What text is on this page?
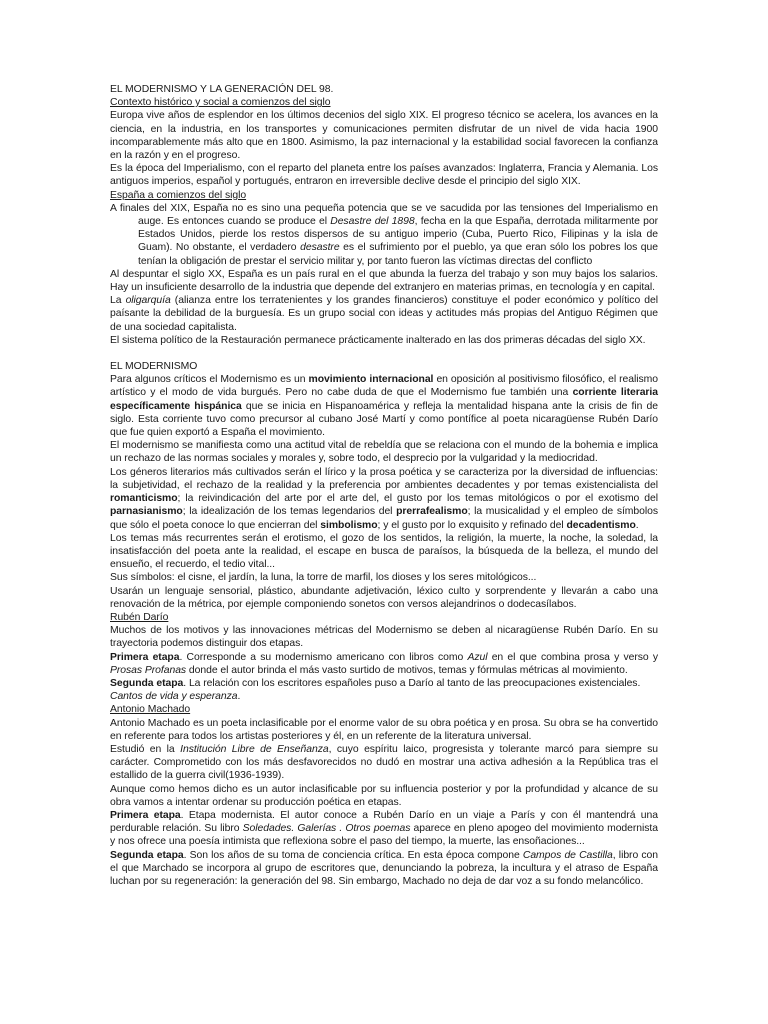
EL MODERNISMO Y LA GENERACIÓN DEL 98.

Contexto histórico y social a comienzos del siglo

Europa vive años de esplendor en los últimos decenios del siglo XIX. El progreso técnico se acelera, los avances en la ciencia, en la industria, en los transportes y comunicaciones permiten disfrutar de un nivel de vida hacia 1900 incomparablemente más alto que en 1800. Asimismo, la paz internacional y la estabilidad social favorecen la confianza en la razón y en el progreso.

Es la época del Imperialismo, con el reparto del planeta entre los países avanzados: Inglaterra, Francia y Alemania. Los antiguos imperios, español y portugués, entraron en irreversible declive desde el principio del siglo XIX.

España a comienzos del siglo

A finales del XIX, España no es sino una pequeña potencia que se ve sacudida por las tensiones del Imperialismo en auge. Es entonces cuando se produce el Desastre del 1898, fecha en la que España, derrotada militarmente por Estados Unidos, pierde los restos dispersos de su antiguo imperio (Cuba, Puerto Rico, Filipinas y la isla de Guam). No obstante, el verdadero desastre es el sufrimiento por el pueblo, ya que eran sólo los pobres los que tenían la obligación de prestar el servicio militar y, por tanto fueron las víctimas directas del conflicto

Al despuntar el siglo XX, España es un país rural en el que abunda la fuerza del trabajo y son muy bajos los salarios. Hay un insuficiente desarrollo de la industria que depende del extranjero en materias primas, en tecnología y en capital.

La oligarquía (alianza entre los terratenientes y los grandes financieros) constituye el poder económico y político del paísante la debilidad de la burguesía. Es un grupo social con ideas y actitudes más propias del Antiguo Régimen que de una sociedad capitalista.

El sistema político de la Restauración permanece prácticamente inalterado en las dos primeras décadas del siglo XX.

EL MODERNISMO

Para algunos críticos el Modernismo es un movimiento internacional en oposición al positivismo filosófico, el realismo artístico y el modo de vida burgués. Pero no cabe duda de que el Modernismo fue también una corriente literaria específicamente hispánica que se inicia en Hispanoamérica y refleja la mentalidad hispana ante la crisis de fin de siglo. Esta corriente tuvo como precursor al cubano José Martí y como pontífice al poeta nicaragüense Rubén Darío que fue quien exportó a España el movimiento.

El modernismo se manifiesta como una actitud vital de rebeldía que se relaciona con el mundo de la bohemia e implica un rechazo de las normas sociales y morales y, sobre todo, el desprecio por la vulgaridad y la mediocridad.

Los géneros literarios más cultivados serán el lírico y la prosa poética y se caracteriza por la diversidad de influencias: la subjetividad, el rechazo de la realidad y la preferencia por ambientes decadentes y por temas existencialista del romanticismo; la reivindicación del arte por el arte del, el gusto por los temas mitológicos o por el exotismo del parnasianismo; la idealización de los temas legendarios del prerrafealismo; la musicalidad y el empleo de símbolos que sólo el poeta conoce lo que encierran del simbolismo; y el gusto por lo exquisito y refinado del decadentismo.

Los temas más recurrentes serán el erotismo, el gozo de los sentidos, la religión, la muerte, la noche, la soledad, la insatisfacción del poeta ante la realidad, el escape en busca de paraísos, la búsqueda de la belleza, el mundo del ensueño, el recuerdo, el tedio vital...

Sus símbolos: el cisne, el jardín, la luna, la torre de marfil, los dioses y los seres mitológicos...

Usarán un lenguaje sensorial, plástico, abundante adjetivación, léxico culto y sorprendente y llevarán a cabo una renovación de la métrica, por ejemple componiendo sonetos con versos alejandrinos o dodecasílabos.

Rubén Darío

Muchos de los motivos y las innovaciones métricas del Modernismo se deben al nicaragüense Rubén Darío. En su trayectoria podemos distinguir dos etapas.

Primera etapa. Corresponde a su modernismo americano con libros como Azul en el que combina prosa y verso y Prosas Profanas donde el autor brinda el más vasto surtido de motivos, temas y fórmulas métricas al movimiento.

Segunda etapa. La relación con los escritores españoles puso a Darío al tanto de las preocupaciones existenciales.

Cantos de vida y esperanza.

Antonio Machado

Antonio Machado es un poeta inclasificable por el enorme valor de su obra poética y en prosa. Su obra se ha convertido en referente para todos los artistas posteriores y él, en un referente de la literatura universal.

Estudió en la Institución Libre de Enseñanza, cuyo espíritu laico, progresista y tolerante marcó para siempre su carácter. Comprometido con los más desfavorecidos no dudó en mostrar una activa adhesión a la República tras el estallido de la guerra civil(1936-1939).

Aunque como hemos dicho es un autor inclasificable por su influencia posterior y por la profundidad y alcance de su obra vamos a intentar ordenar su producción poética en etapas.

Primera etapa. Etapa modernista. El autor conoce a Rubén Darío en un viaje a París y con él mantendrá una perdurable relación. Su libro Soledades. Galerías . Otros poemas aparece en pleno apogeo del movimiento modernista y nos ofrece una poesía intimista que reflexiona sobre el paso del tiempo, la muerte, las ensoñaciones...

Segunda etapa. Son los años de su toma de conciencia crítica. En esta época compone Campos de Castilla, libro con el que Marchado se incorpora al grupo de escritores que, denunciando la pobreza, la incultura y el atraso de España luchan por su regeneración: la generación del 98. Sin embargo, Machado no deja de dar voz a su fondo melancólico.
